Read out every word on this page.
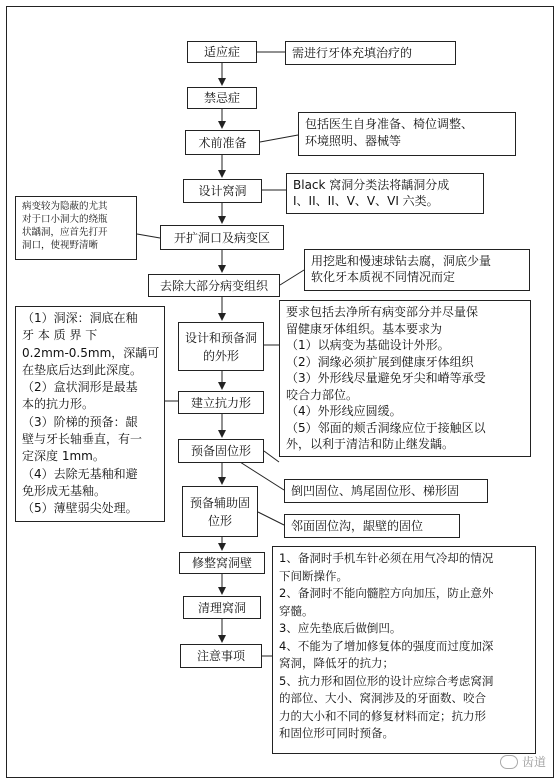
适应症
禁忌症
术前准备
设计窝洞
开扩洞口及病变区
去除大部分病变组织
设计和预备洞的外形
建立抗力形
预备固位形
预备辅助固位形
修整窝洞壁
清理窝洞
注意事项
需进行牙体充填治疗的
包括医生自身准备、椅位调整、
环境照明、器械等
Black 窝洞分类法将龋洞分成
I、II、II、V、V、VI 六类。
病变较为隐蔽的尤其
对于口小洞大的绕瓶
状龋洞，应首先打开
洞口，使视野清晰
用挖匙和慢速球钻去腐，洞底少量
软化牙本质视不同情况而定
要求包括去净所有病变部分并尽量保
留健康牙体组织。基本要求为
（1）以病变为基础设计外形。
（2）洞缘必须扩展到健康牙体组织
（3）外形线尽量避免牙尖和嵴等承受
咬合力部位。
（4）外形线应圆缓。
（5）邻面的颊舌洞缘应位于接触区以
外，以利于清洁和防止继发龋。
（1）洞深：洞底在釉
牙 本 质 界 下
0.2mm-0.5mm，深龋可
在垫底后达到此深度。
（2）盒状洞形是最基
本的抗力形。
（3）阶梯的预备：龈
壁与牙长轴垂直，有一
定深度 1mm。
（4）去除无基釉和避
免形成无基釉。
（5）薄壁弱尖处理。
倒凹固位、鸠尾固位形、梯形固
邻面固位沟，龈壁的固位
1、备洞时手机车针必须在用气冷却的情况
下间断操作。
2、备洞时不能向髓腔方向加压，防止意外
穿髓。
3、应先垫底后做倒凹。
4、不能为了增加修复体的强度而过度加深
窝洞，降低牙的抗力；
5、抗力形和固位形的设计应综合考虑窝洞
的部位、大小、窝洞涉及的牙面数、咬合
力的大小和不同的修复材料而定；抗力形
和固位形可同时预备。
齿道
